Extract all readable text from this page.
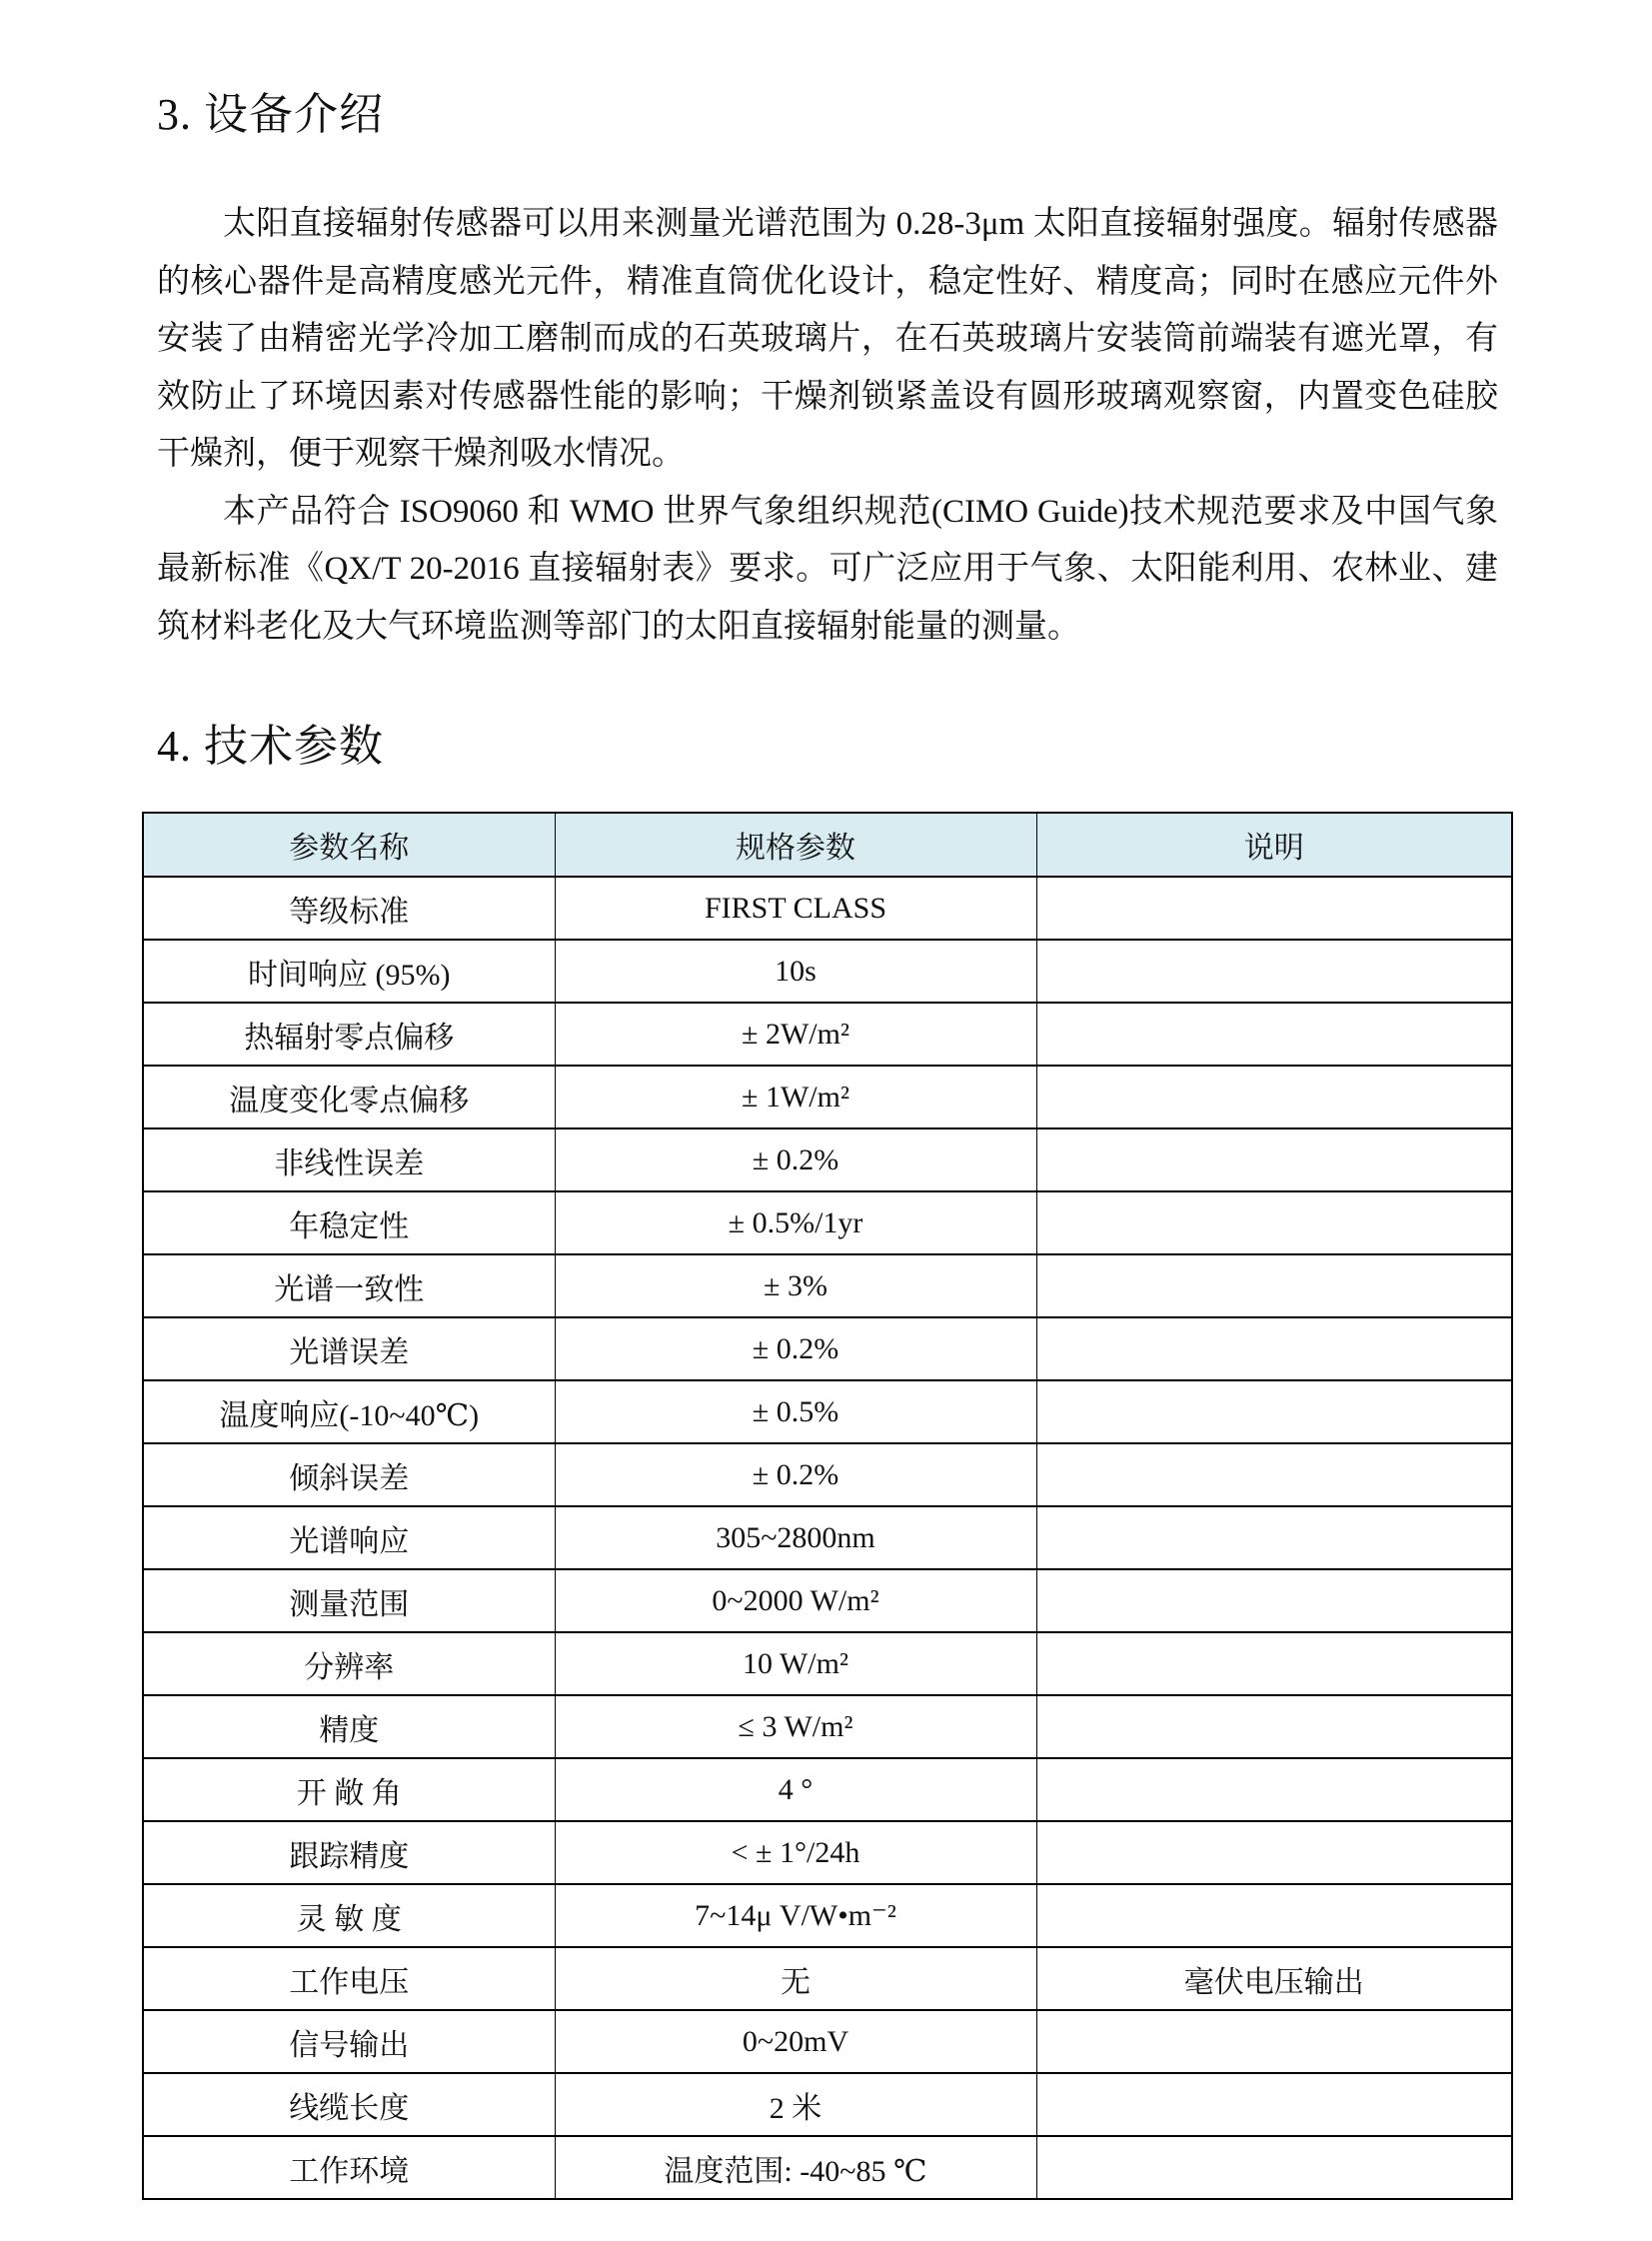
3. 设备介绍

太阳直接辐射传感器可以用来测量光谱范围为 0.28-3μm 太阳直接辐射强度。辐射传感器的核心器件是高精度感光元件，精准直筒优化设计，稳定性好、精度高；同时在感应元件外安装了由精密光学冷加工磨制而成的石英玻璃片，在石英玻璃片安装筒前端装有遮光罩，有效防止了环境因素对传感器性能的影响；干燥剂锁紧盖设有圆形玻璃观察窗，内置变色硅胶干燥剂，便于观察干燥剂吸水情况。

本产品符合 ISO9060 和 WMO 世界气象组织规范(CIMO Guide)技术规范要求及中国气象最新标准《QX/T 20-2016 直接辐射表》要求。可广泛应用于气象、太阳能利用、农林业、建筑材料老化及大气环境监测等部门的太阳直接辐射能量的测量。

4. 技术参数
参数名称	规格参数	说明
等级标准	FIRST CLASS	
时间响应 (95%)	10s	
热辐射零点偏移	± 2W/m²	
温度变化零点偏移	± 1W/m²	
非线性误差	± 0.2%	
年稳定性	± 0.5%/1yr	
光谱一致性	± 3%	
光谱误差	± 0.2%	
温度响应(-10~40℃)	± 0.5%	
倾斜误差	± 0.2%	
光谱响应	305~2800nm	
测量范围	0~2000 W/m²	
分辨率	10 W/m²	
精度	≤ 3 W/m²	
开 敞 角	4 °	
跟踪精度	< ± 1°/24h	
灵 敏 度	7~14μ V/W•m⁻²	
工作电压	无	毫伏电压输出
信号输出	0~20mV	
线缆长度	2 米	
工作环境	温度范围: -40~85 ℃	
